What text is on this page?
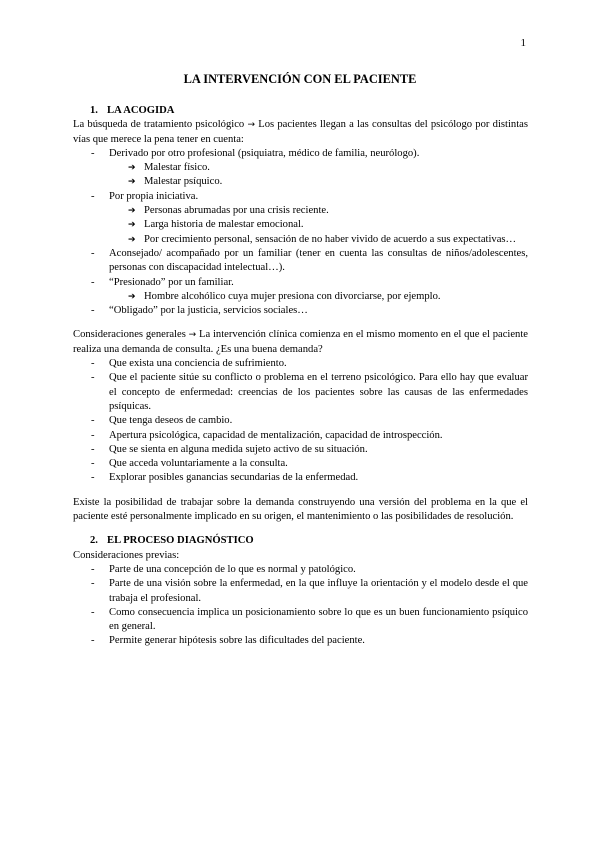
1
LA INTERVENCIÓN CON EL PACIENTE
1. LA ACOGIDA

La búsqueda de tratamiento psicológico → Los pacientes llegan a las consultas del psicólogo por distintas vías que merece la pena tener en cuenta:

- Derivado por otro profesional (psiquiatra, médico de familia, neurólogo).
➔ Malestar físico.
➔ Malestar psíquico.
- Por propia iniciativa.
➔ Personas abrumadas por una crisis reciente.
➔ Larga historia de malestar emocional.
➔ Por crecimiento personal, sensación de no haber vivido de acuerdo a sus expectativas…
- Aconsejado/ acompañado por un familiar (tener en cuenta las consultas de niños/adolescentes, personas con discapacidad intelectual…).
- “Presionado” por un familiar.
➔ Hombre alcohólico cuya mujer presiona con divorciarse, por ejemplo.
- “Obligado” por la justicia, servicios sociales…

Consideraciones generales → La intervención clínica comienza en el mismo momento en el que el paciente realiza una demanda de consulta. ¿Es una buena demanda?

- Que exista una conciencia de sufrimiento.
- Que el paciente sitúe su conflicto o problema en el terreno psicológico. Para ello hay que evaluar el concepto de enfermedad: creencias de los pacientes sobre las causas de las enfermedades psíquicas.
- Que tenga deseos de cambio.
- Apertura psicológica, capacidad de mentalización, capacidad de introspección.
- Que se sienta en alguna medida sujeto activo de su situación.
- Que acceda voluntariamente a la consulta.
- Explorar posibles ganancias secundarias de la enfermedad.

Existe la posibilidad de trabajar sobre la demanda construyendo una versión del problema en la que el paciente esté personalmente implicado en su origen, el mantenimiento o las posibilidades de resolución.

2. EL PROCESO DIAGNÓSTICO

Consideraciones previas:

- Parte de una concepción de lo que es normal y patológico.
- Parte de una visión sobre la enfermedad, en la que influye la orientación y el modelo desde el que trabaja el profesional.
- Como consecuencia implica un posicionamiento sobre lo que es un buen funcionamiento psíquico en general.
- Permite generar hipótesis sobre las dificultades del paciente.
